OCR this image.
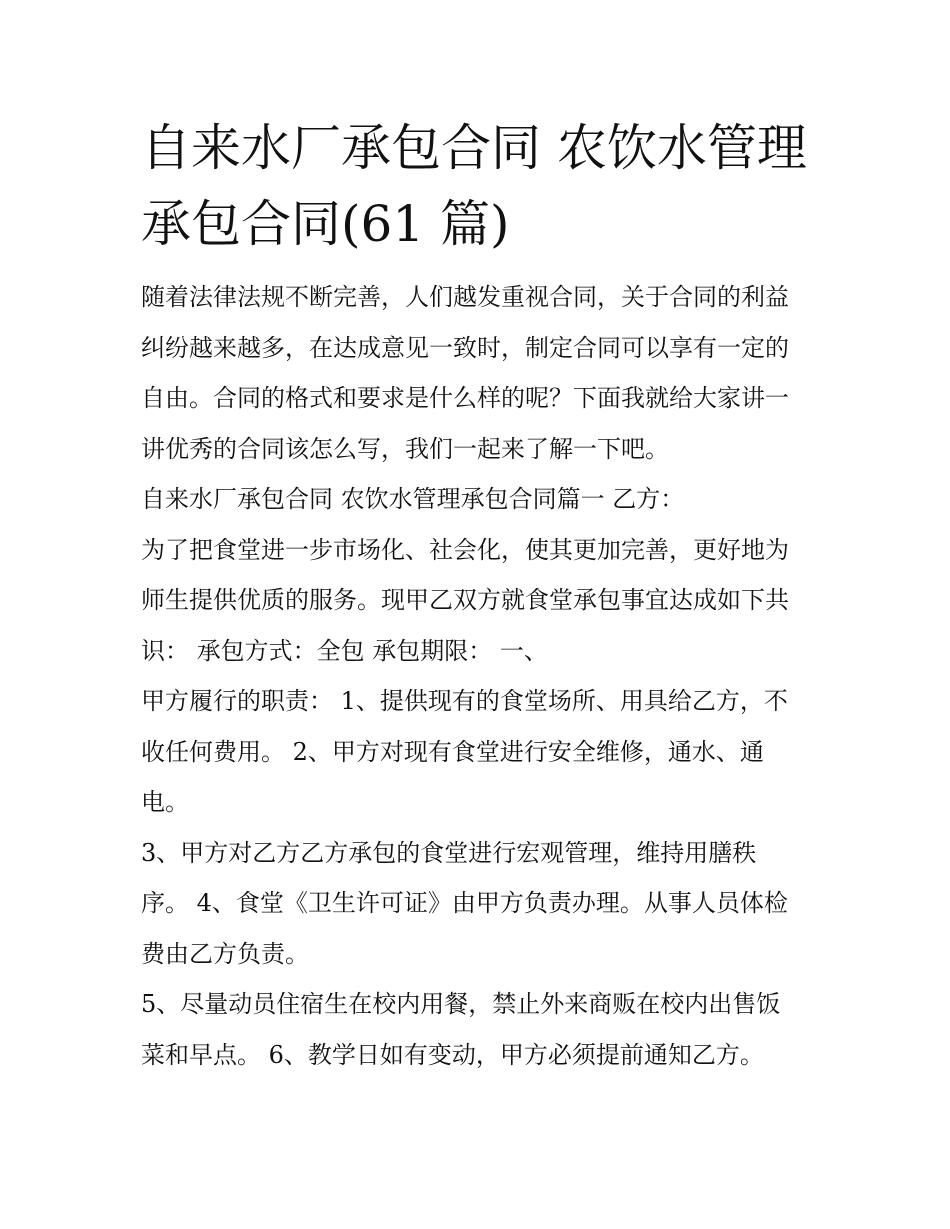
自来水厂承包合同 农饮水管理
承包合同(61 篇)

随着法律法规不断完善，人们越发重视合同，关于合同的利益

纠纷越来越多，在达成意见一致时，制定合同可以享有一定的

自由。合同的格式和要求是什么样的呢？下面我就给大家讲一

讲优秀的合同该怎么写，我们一起来了解一下吧。

自来水厂承包合同 农饮水管理承包合同篇一 乙方：

为了把食堂进一步市场化、社会化，使其更加完善，更好地为

师生提供优质的服务。现甲乙双方就食堂承包事宜达成如下共

识： 承包方式：全包 承包期限： 一、

甲方履行的职责： 1、提供现有的食堂场所、用具给乙方，不

收任何费用。 2、甲方对现有食堂进行安全维修，通水、通

电。

3、甲方对乙方乙方承包的食堂进行宏观管理，维持用膳秩

序。 4、食堂《卫生许可证》由甲方负责办理。从事人员体检

费由乙方负责。

5、尽量动员住宿生在校内用餐，禁止外来商贩在校内出售饭

菜和早点。 6、教学日如有变动，甲方必须提前通知乙方。
